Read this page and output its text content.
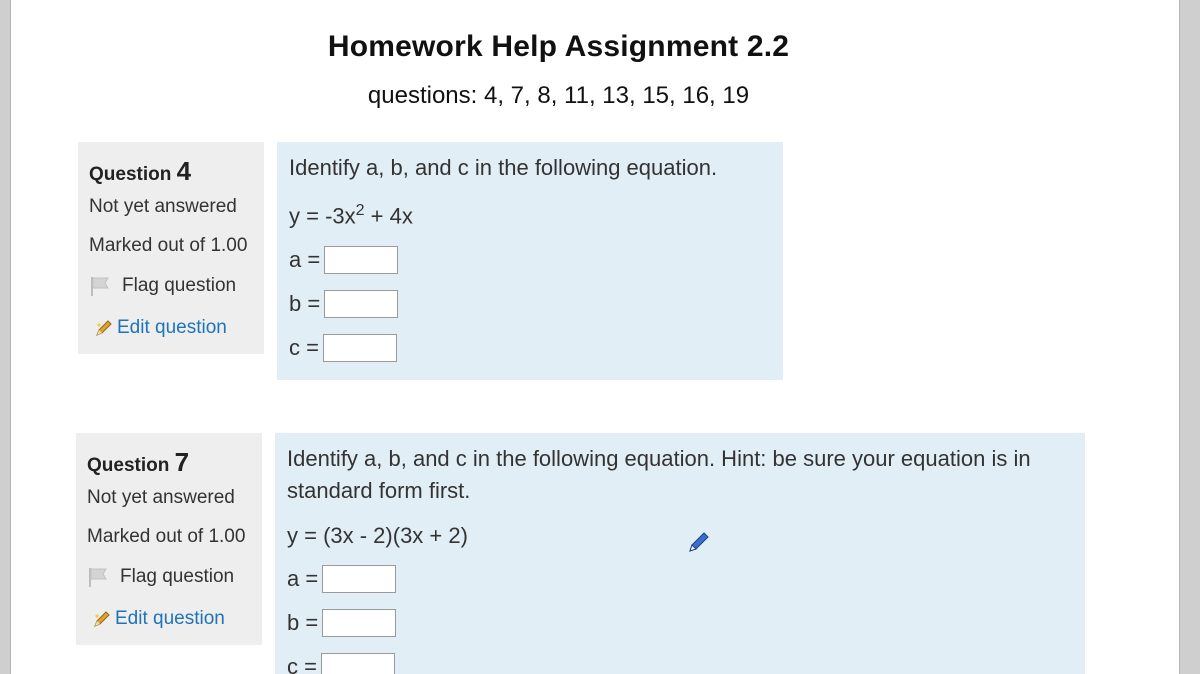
Homework Help Assignment 2.2
questions: 4, 7, 8, 11, 13, 15, 16, 19
Question 4
Not yet answered
Marked out of 1.00
Flag question
Edit question
Identify a, b, and c in the following equation.
$y = -3x^2 + 4x$
a =
b =
c =
Question 7
Not yet answered
Marked out of 1.00
Flag question
Edit question
Identify a, b, and c in the following equation. Hint: be sure your equation is in standard form first.
y = (3x - 2)(3x + 2)
a =
b =
c =
